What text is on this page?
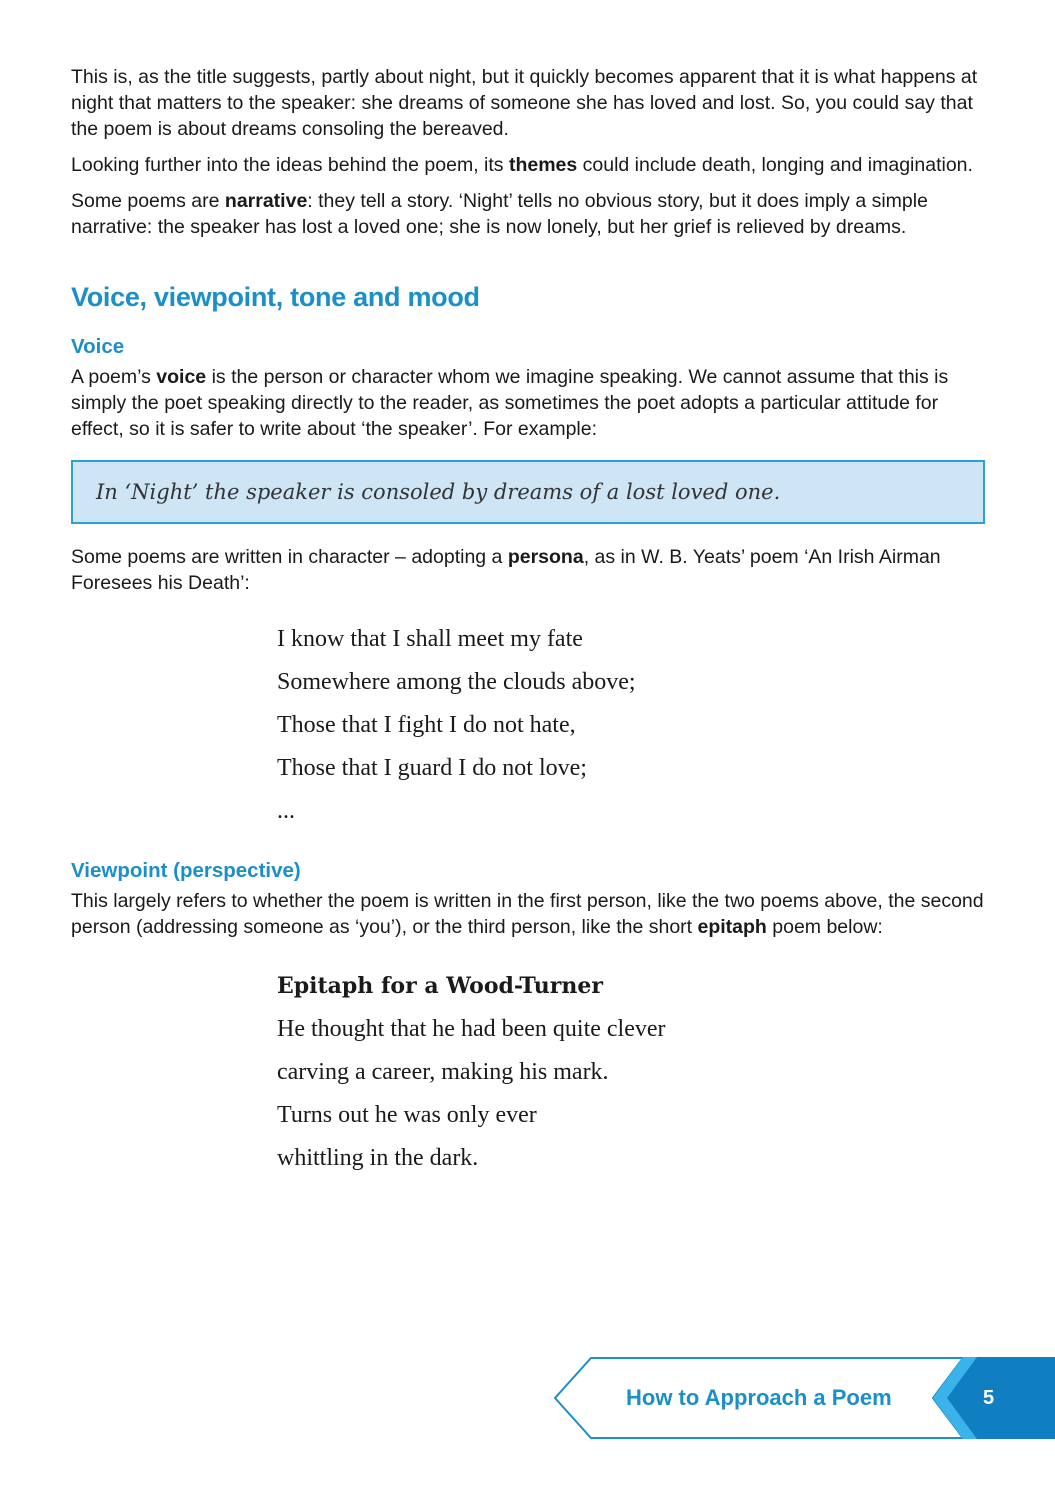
This is, as the title suggests, partly about night, but it quickly becomes apparent that it is what happens at night that matters to the speaker: she dreams of someone she has loved and lost. So, you could say that the poem is about dreams consoling the bereaved.

Looking further into the ideas behind the poem, its themes could include death, longing and imagination.

Some poems are narrative: they tell a story. ‘Night’ tells no obvious story, but it does imply a simple narrative: the speaker has lost a loved one; she is now lonely, but her grief is relieved by dreams.

Voice, viewpoint, tone and mood
Voice

A poem’s voice is the person or character whom we imagine speaking. We cannot assume that this is simply the poet speaking directly to the reader, as sometimes the poet adopts a particular attitude for effect, so it is safer to write about ‘the speaker’. For example:

In ‘Night’ the speaker is consoled by dreams of a lost loved one.

Some poems are written in character – adopting a persona, as in W. B. Yeats’ poem ‘An Irish Airman Foresees his Death’:

I know that I shall meet my fate
Somewhere among the clouds above;
Those that I fight I do not hate,
Those that I guard I do not love;
...
Viewpoint (perspective)

This largely refers to whether the poem is written in the first person, like the two poems above, the second person (addressing someone as ‘you’), or the third person, like the short epitaph poem below:

Epitaph for a Wood-Turner
He thought that he had been quite clever
carving a career, making his mark.
Turns out he was only ever
whittling in the dark.
How to Approach a Poem	5
